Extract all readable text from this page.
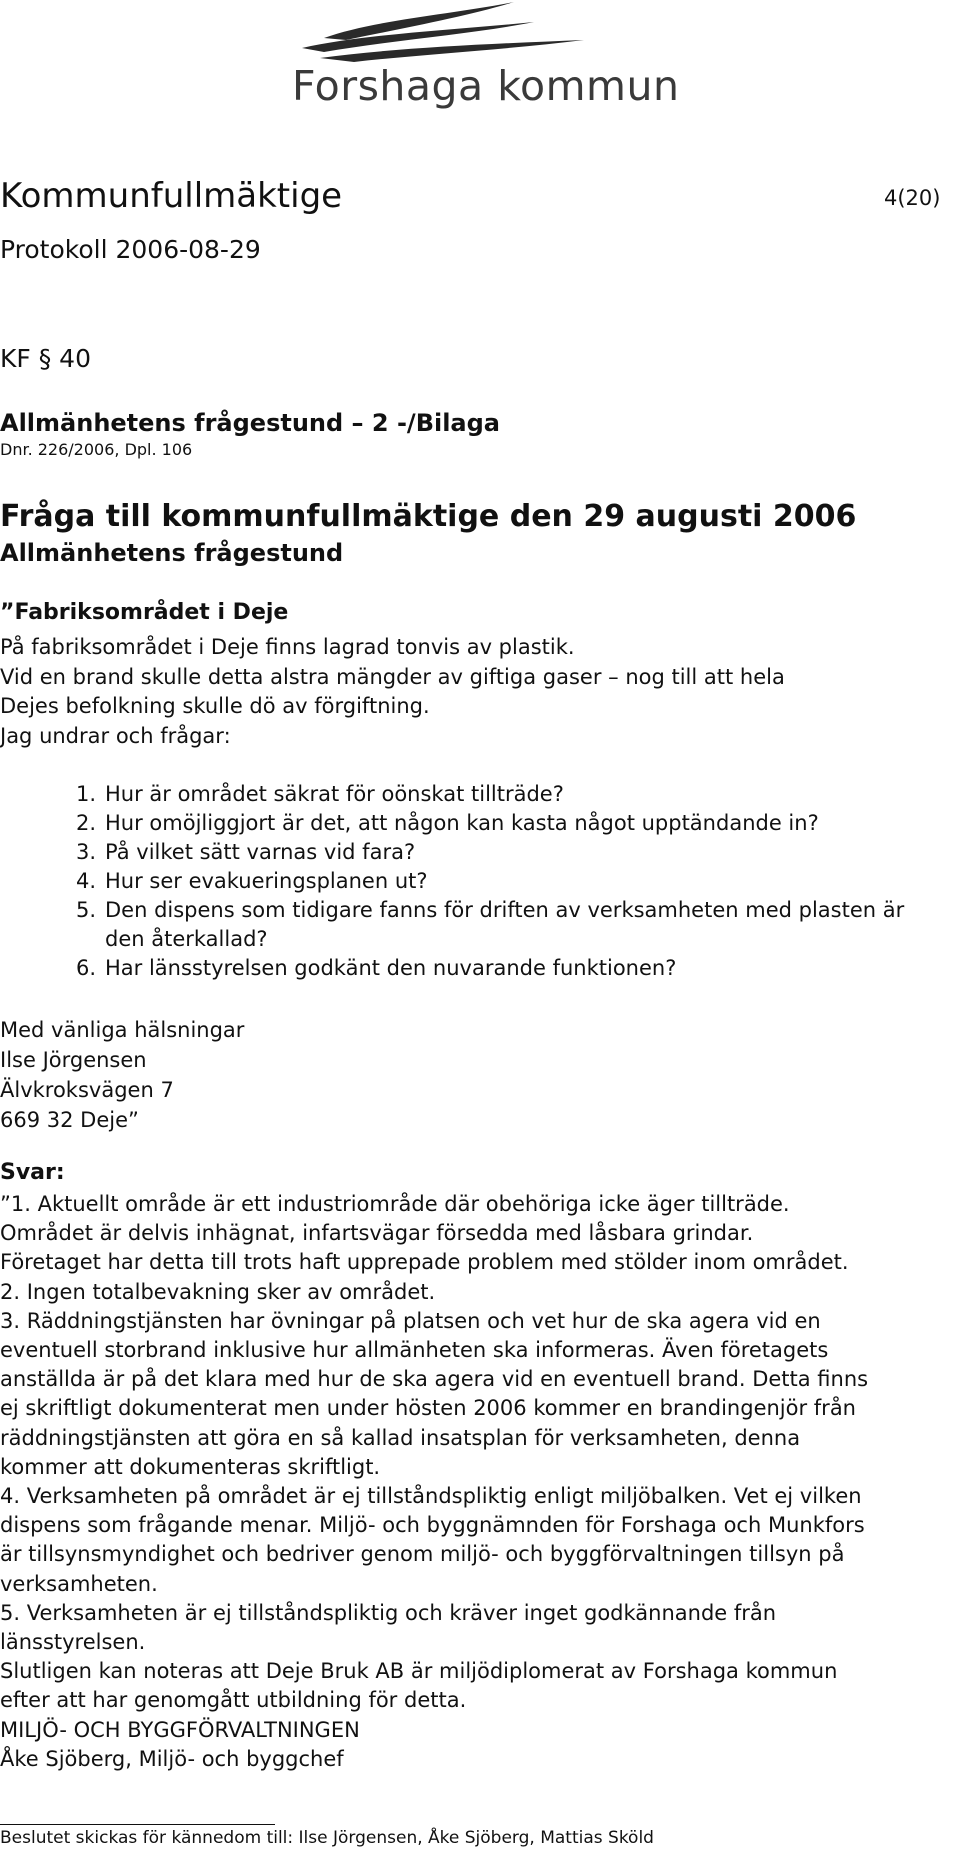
Forshaga kommun
Kommunfullmäktige	4(20)
Protokoll 2006-08-29
KF § 40
Allmänhetens frågestund – 2 -/Bilaga
Dnr. 226/2006, Dpl. 106
Fråga till kommunfullmäktige den 29 augusti 2006
Allmänhetens frågestund
”Fabriksområdet i Deje
På fabriksområdet i Deje finns lagrad tonvis av plastik.
Vid en brand skulle detta alstra mängder av giftiga gaser – nog till att hela
Dejes befolkning skulle dö av förgiftning.
Jag undrar och frågar:
1. Hur är området säkrat för oönskat tillträde?
2. Hur omöjliggjort är det, att någon kan kasta något upptändande in?
3. På vilket sätt varnas vid fara?
4. Hur ser evakueringsplanen ut?
5. Den dispens som tidigare fanns för driften av verksamheten med plasten är
den återkallad?
6. Har länsstyrelsen godkänt den nuvarande funktionen?
Med vänliga hälsningar
Ilse Jörgensen
Älvkroksvägen 7
669 32 Deje”
Svar:
”1. Aktuellt område är ett industriområde där obehöriga icke äger tillträde.
Området är delvis inhägnat, infartsvägar försedda med låsbara grindar.
Företaget har detta till trots haft upprepade problem med stölder inom området.
2. Ingen totalbevakning sker av området.
3. Räddningstjänsten har övningar på platsen och vet hur de ska agera vid en
eventuell storbrand inklusive hur allmänheten ska informeras. Även företagets
anställda är på det klara med hur de ska agera vid en eventuell brand. Detta finns
ej skriftligt dokumenterat men under hösten 2006 kommer en brandingenjör från
räddningstjänsten att göra en så kallad insatsplan för verksamheten, denna
kommer att dokumenteras skriftligt.
4. Verksamheten på området är ej tillståndspliktig enligt miljöbalken. Vet ej vilken
dispens som frågande menar. Miljö- och byggnämnden för Forshaga och Munkfors
är tillsynsmyndighet och bedriver genom miljö- och byggförvaltningen tillsyn på
verksamheten.
5. Verksamheten är ej tillståndspliktig och kräver inget godkännande från
länsstyrelsen.
Slutligen kan noteras att Deje Bruk AB är miljödiplomerat av Forshaga kommun
efter att har genomgått utbildning för detta.
MILJÖ- OCH BYGGFÖRVALTNINGEN
Åke Sjöberg, Miljö- och byggchef
Beslutet skickas för kännedom till: Ilse Jörgensen, Åke Sjöberg, Mattias Sköld
